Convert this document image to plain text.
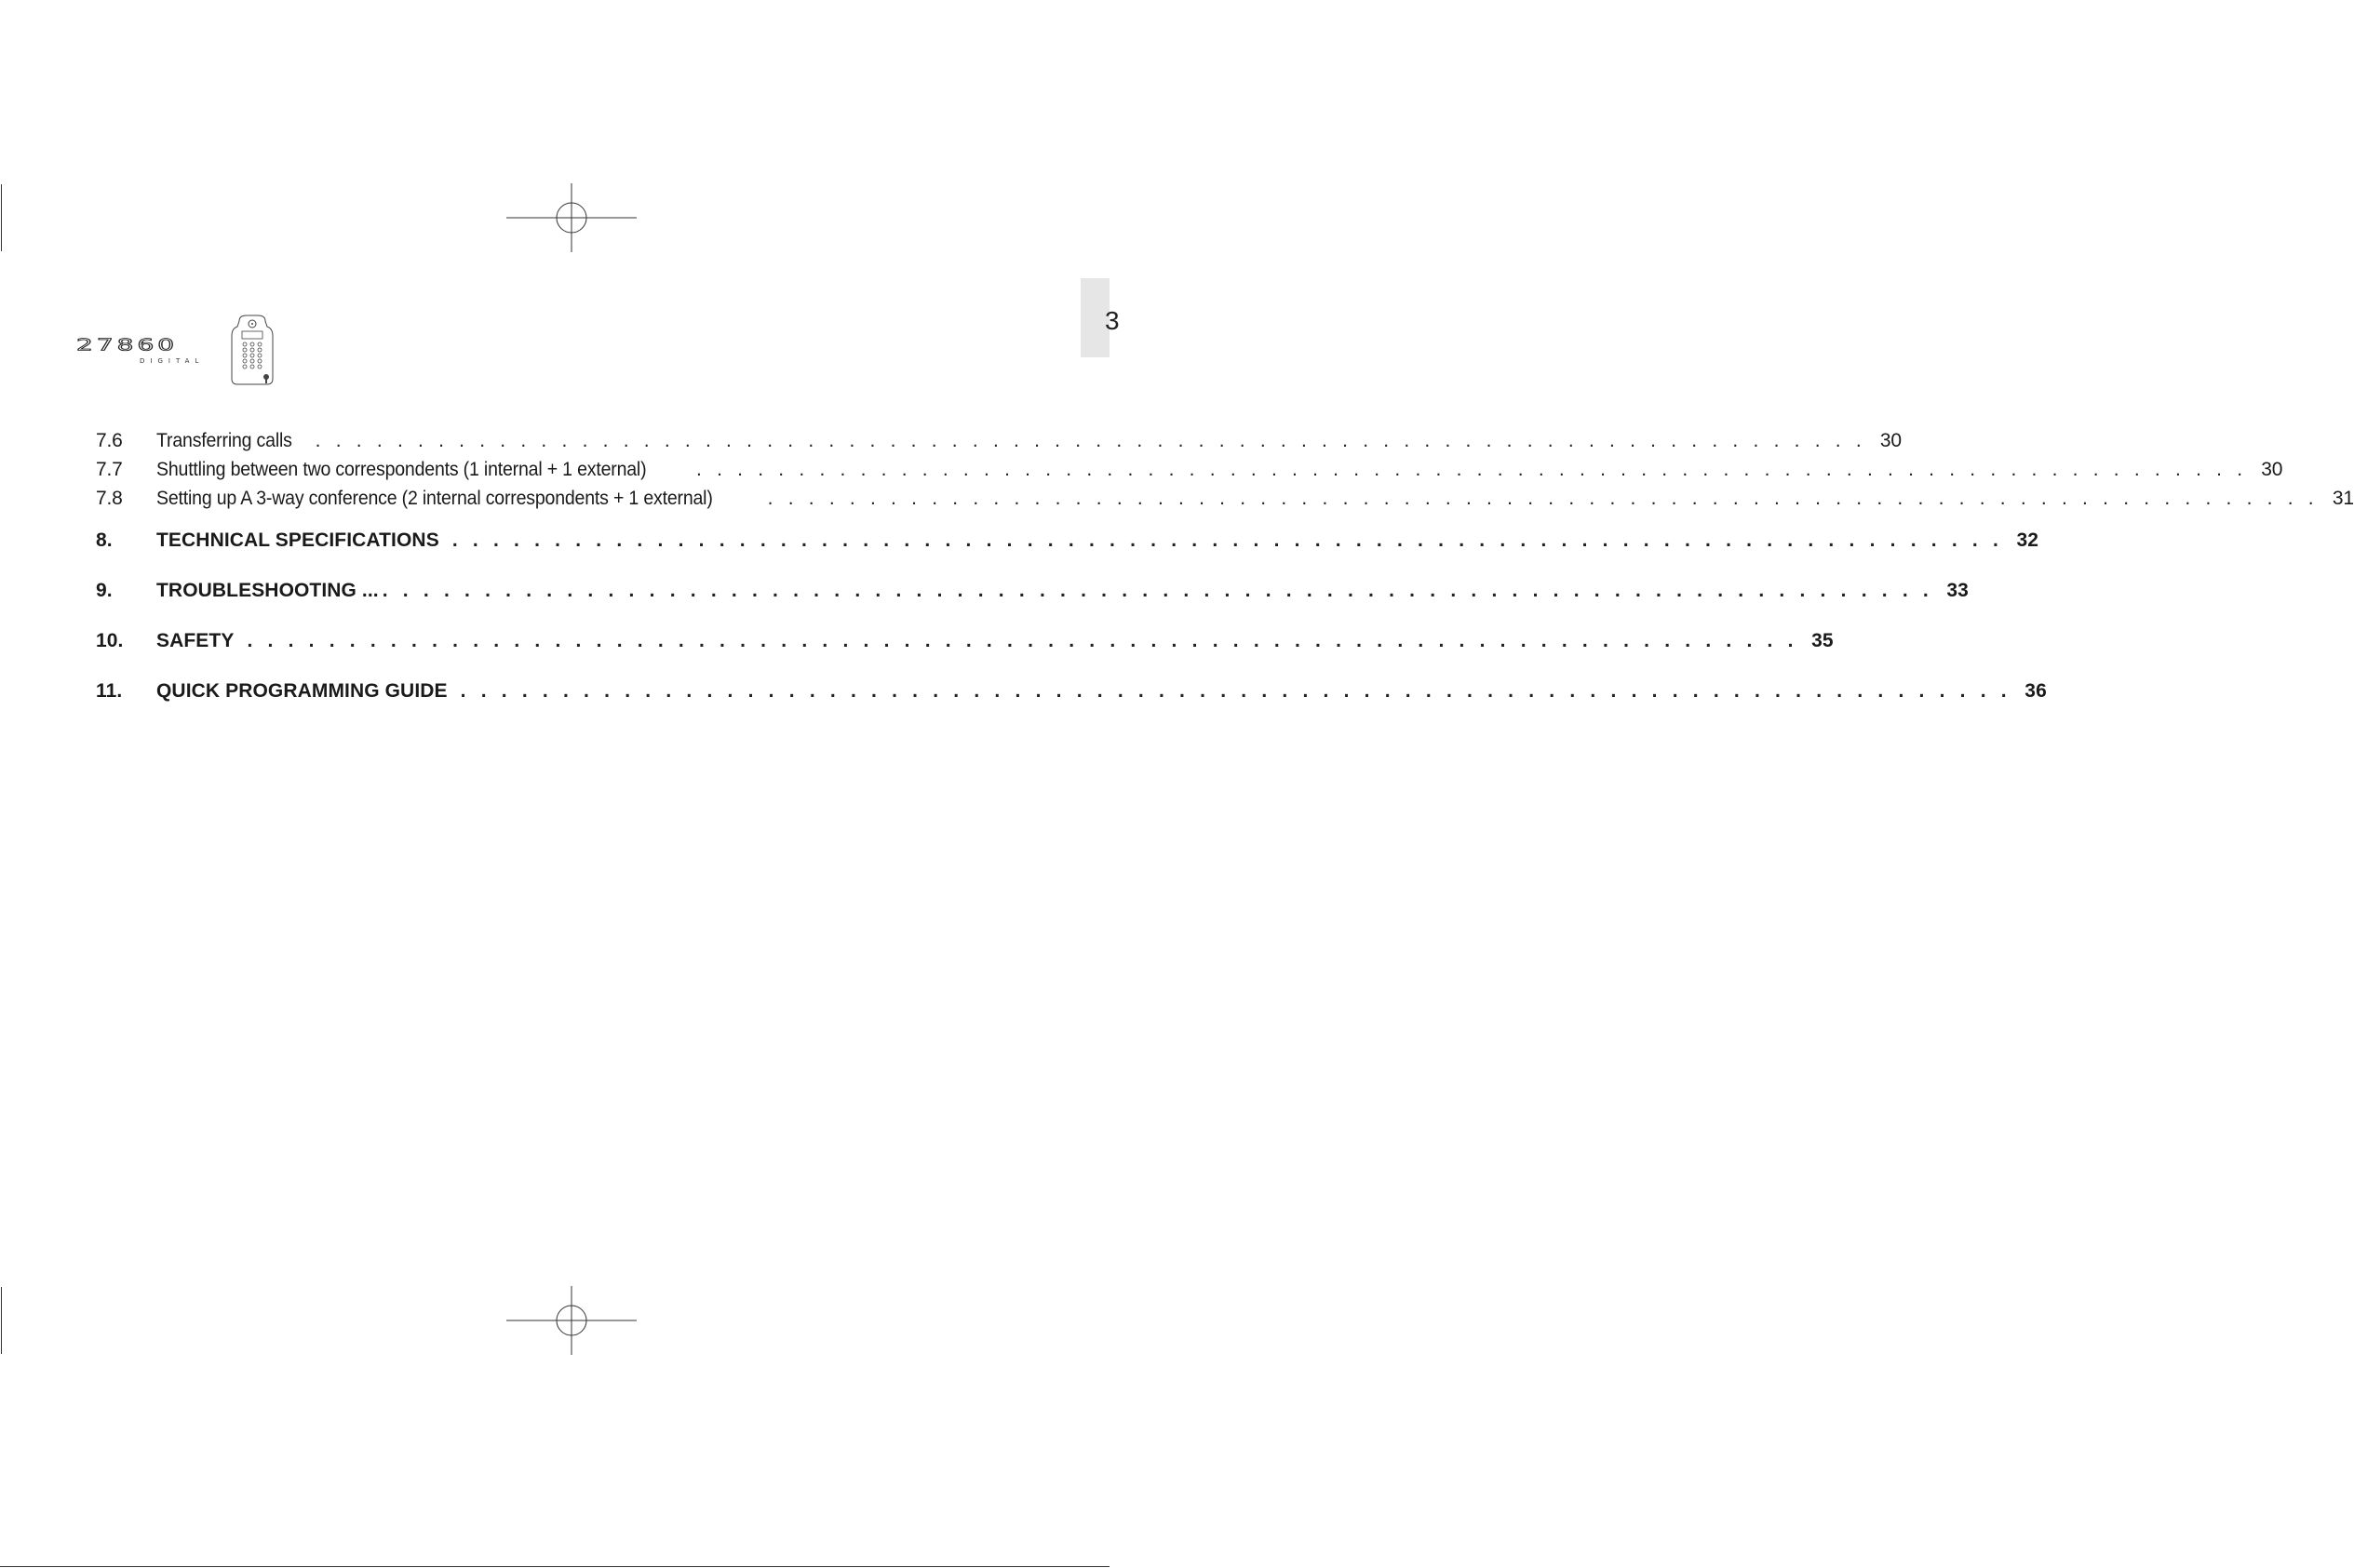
3
27860
DIGITAL
7.6	Transferring calls . . . . . . . . . . . . . . . . . . . . . . . . . . . . . . . . . . . . . . . . . . . . . . . . . . . . . . . . . . . . . . . . . . . . . . . . . . . . 30
7.7	Shuttling between two correspondents (1 internal + 1 external)	. . . . . . . . . . . . . . . . . . . . . . . . . . . . . . . . . . . . . . . . . . . . . . . . . . . . . . . . . . . . . . . . . . . . . . . . . . . . 30
7.8	Setting up A 3-way conference (2 internal correspondents + 1 external)	. . . . . . . . . . . . . . . . . . . . . . . . . . . . . . . . . . . . . . . . . . . . . . . . . . . . . . . . . . . . . . . . . . . . . . . . . . . . 31
8.	TECHNICAL SPECIFICATIONS . . . . . . . . . . . . . . . . . . . . . . . . . . . . . . . . . . . . . . . . . . . . . . . . . . . . . . . . . . . . . . . . . . . . . . . . . . . . 32
9.	TROUBLESHOOTING ... . . . . . . . . . . . . . . . . . . . . . . . . . . . . . . . . . . . . . . . . . . . . . . . . . . . . . . . . . . . . . . . . . . . . . . . . . . . . 33
10.	SAFETY . . . . . . . . . . . . . . . . . . . . . . . . . . . . . . . . . . . . . . . . . . . . . . . . . . . . . . . . . . . . . . . . . . . . . . . . . . . . 35
11.	QUICK PROGRAMMING GUIDE . . . . . . . . . . . . . . . . . . . . . . . . . . . . . . . . . . . . . . . . . . . . . . . . . . . . . . . . . . . . . . . . . . . . . . . . . . . . 36
